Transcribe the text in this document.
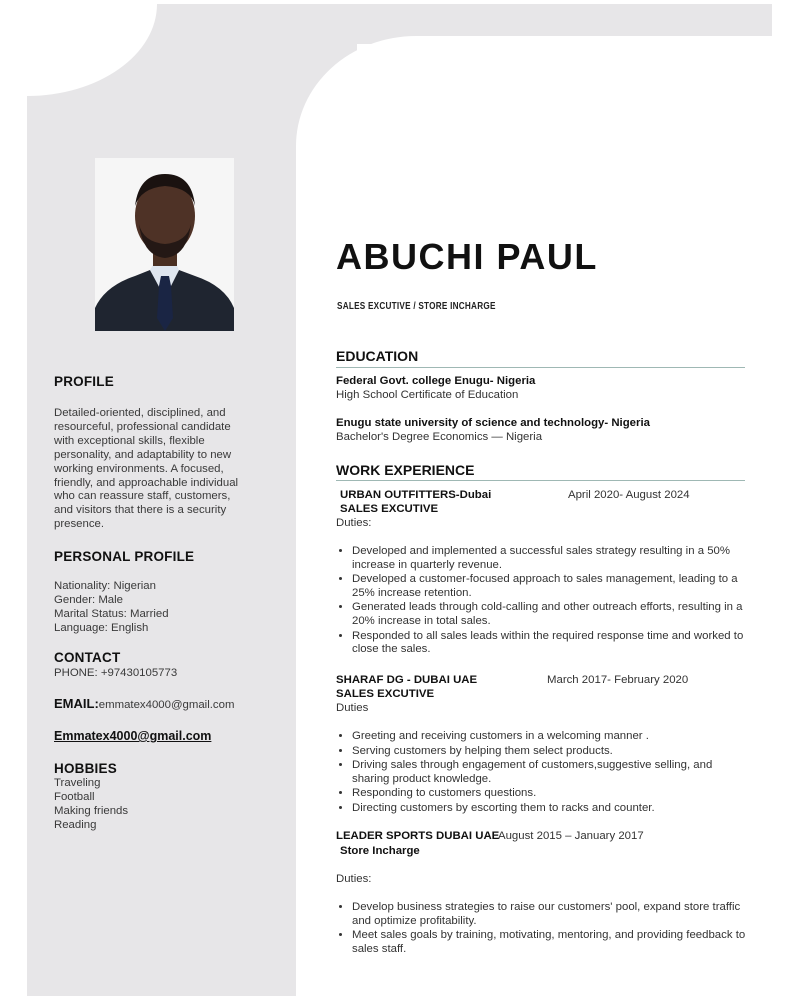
PROFILE
Detailed-oriented, disciplined, and
resourceful, professional candidate
with exceptional skills, flexible
personality, and adaptability to new
working environments. A focused,
friendly, and approachable individual
who can reassure staff, customers,
and visitors that there is a security
presence.
PERSONAL PROFILE
Nationality: Nigerian
Gender: Male
Marital Status: Married
Language: English
CONTACT
PHONE: +97430105773
EMAIL:emmatex4000@gmail.com
Emmatex4000@gmail.com
HOBBIES
Traveling
Football
Making friends
Reading
ABUCHI PAUL
SALES EXCUTIVE / STORE INCHARGE
EDUCATION
Federal Govt. college Enugu- Nigeria
High School Certificate of Education
Enugu state university of science and technology- Nigeria
Bachelor's Degree Economics — Nigeria
WORK EXPERIENCE
URBAN OUTFITTERS-Dubai	April 2020- August 2024
SALES EXCUTIVE
Duties:
• Developed and implemented a successful sales strategy resulting in a 50% increase in quarterly revenue.
• Developed a customer-focused approach to sales management, leading to a 25% increase retention.
• Generated leads through cold-calling and other outreach efforts, resulting in a 20% increase in total sales.
• Responded to all sales leads within the required response time and worked to close the sales.
SHARAF DG - DUBAI UAE	March 2017- February 2020
SALES EXCUTIVE
Duties
• Greeting and receiving customers in a welcoming manner .
• Serving customers by helping them select products.
• Driving sales through engagement of customers,suggestive selling, and sharing product knowledge.
• Responding to customers questions.
• Directing customers by escorting them to racks and counter.
LEADER SPORTS DUBAI UAE
August 2015 – January 2017
Store Incharge
Duties:
• Develop business strategies to raise our customers' pool, expand store traffic and optimize profitability.
• Meet sales goals by training, motivating, mentoring, and providing feedback to sales staff.
